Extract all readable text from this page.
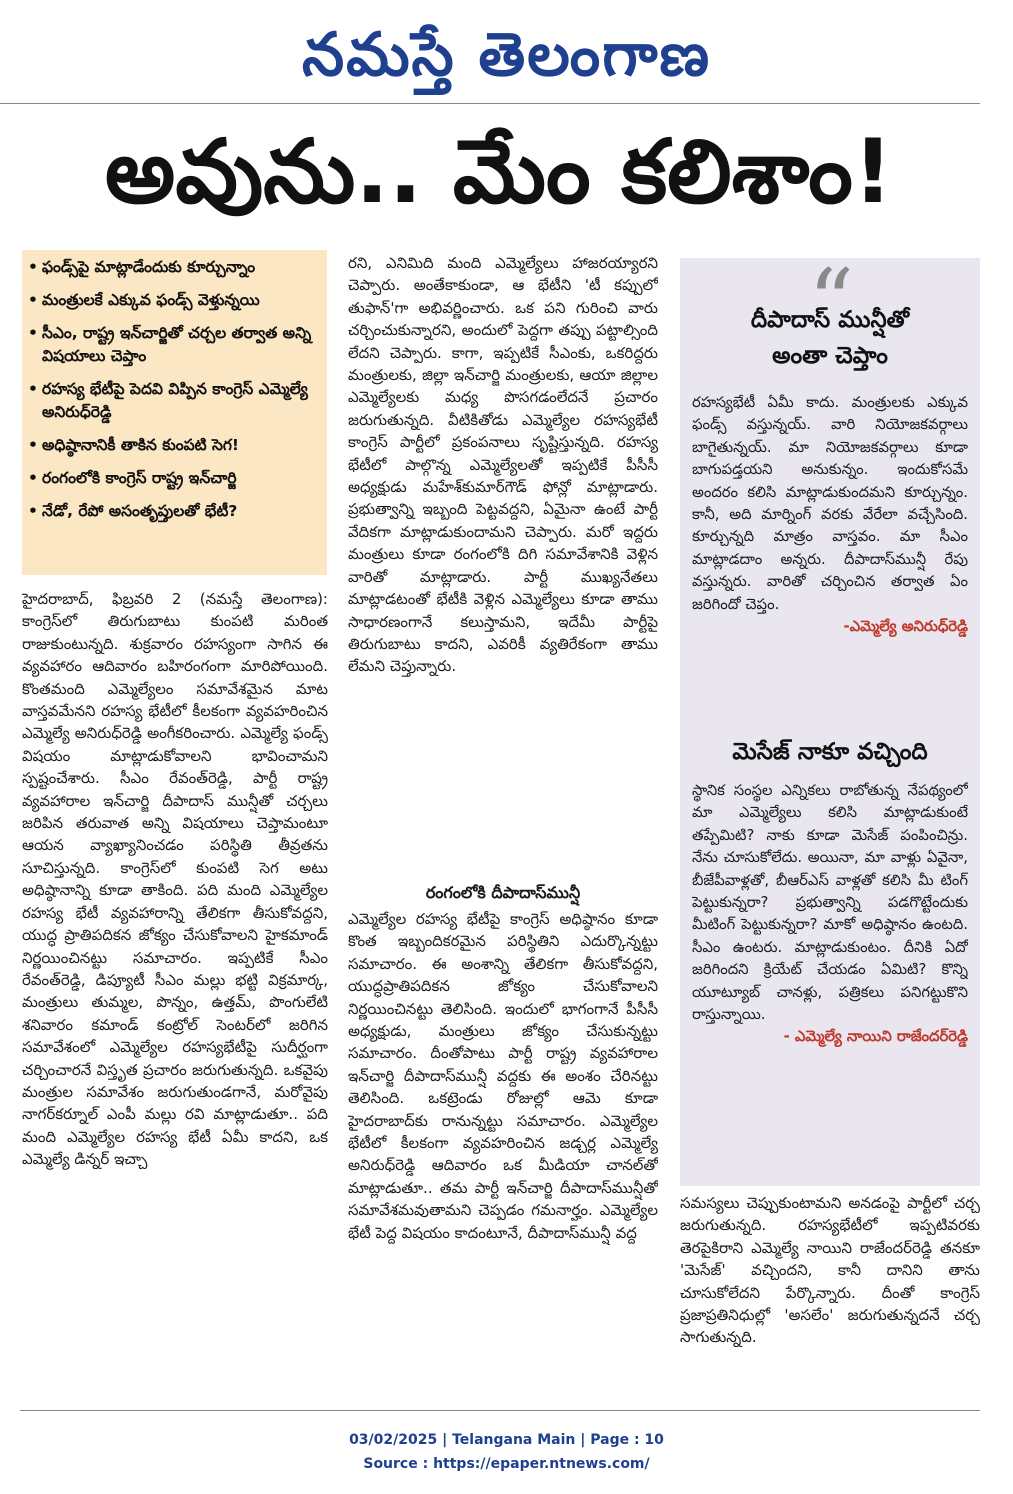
నమస్తే తెలంగాణ
అవును.. మేం కలిశాం!
• ఫండ్స్‌పై మాట్లాడేందుకు కూర్చున్నాం
• మంత్రులకే ఎక్కువ ఫండ్స్ వెళ్తున్నయి
• సీఎం, రాష్ట్ర ఇన్‌చార్జితో చర్చల తర్వాత అన్ని విషయాలు చెప్తాం
• రహస్య భేటీపై పెదవి విప్పిన కాంగ్రెస్ ఎమ్మెల్యే అనిరుధ్‌రెడ్డి
• అధిష్ఠానానికీ తాకిన కుంపటి సెగ!
• రంగంలోకి కాంగ్రెస్ రాష్ట్ర ఇన్‌చార్జి
• నేడో, రేపో అసంతృప్తులతో భేటీ?

హైదరాబాద్, ఫిబ్రవరి 2 (నమస్తే తెలంగాణ): కాంగ్రెస్‌లో తిరుగుబాటు కుంపటి మరింత రాజుకుంటున్నది. శుక్రవారం రహస్యంగా సాగిన ఈ వ్యవహారం ఆదివారం బహిరంగంగా మారిపోయింది. కొంతమంది ఎమ్మెల్యేలం సమావేశమైన మాట వాస్తవమేనని రహస్య భేటీలో కీలకంగా వ్యవహరించిన ఎమ్మెల్యే అనిరుధ్‌రెడ్డి అంగీకరించారు. ఎమ్మెల్యే ఫండ్స్ విషయం మాట్లాడుకోవాలని భావించామని స్పష్టంచేశారు. సీఎం రేవంత్‌రెడ్డి, పార్టీ రాష్ట్ర వ్యవహారాల ఇన్‌చార్జి దీపాదాస్ మున్షీతో చర్చలు జరిపిన తరువాత అన్ని విషయాలు చెప్తామంటూ ఆయన వ్యాఖ్యానించడం పరిస్థితి తీవ్రతను సూచిస్తున్నది. కాంగ్రెస్‌లో కుంపటి సెగ అటు అధిష్ఠానాన్ని కూడా తాకింది. పది మంది ఎమ్మెల్యేల రహస్య భేటీ వ్యవహారాన్ని తేలికగా తీసుకోవద్దని, యుద్ధ ప్రాతిపదికన జోక్యం చేసుకోవాలని హైకమాండ్ నిర్ణయించినట్టు సమాచారం. ఇప్పటికే సీఎం రేవంత్‌రెడ్డి, డిప్యూటీ సీఎం మల్లు భట్టి విక్రమార్క, మంత్రులు తుమ్మల, పొన్నం, ఉత్తమ్, పొంగులేటి శనివారం కమాండ్ కంట్రోల్ సెంటర్‌లో జరిగిన సమావేశంలో ఎమ్మెల్యేల రహస్యభేటీపై సుదీర్ఘంగా చర్చించారనే విస్తృత ప్రచారం జరుగుతున్నది. ఒకవైపు మంత్రుల సమావేశం జరుగుతుండగానే, మరోవైపు నాగర్‌కర్నూల్ ఎంపీ మల్లు రవి మాట్లాడుతూ.. పది మంది ఎమ్మెల్యేల రహస్య భేటీ ఏమీ కాదని, ఒక ఎమ్మెల్యే డిన్నర్ ఇచ్చా

రని, ఎనిమిది మంది ఎమ్మెల్యేలు హాజరయ్యారని చెప్పారు. అంతేకాకుండా, ఆ భేటీని 'టీ కప్పులో తుఫాన్'గా అభివర్ణించారు. ఒక పని గురించి వారు చర్చించుకున్నారని, అందులో పెద్దగా తప్పు పట్టాల్సింది లేదని చెప్పారు. కాగా, ఇప్పటికే సీఎంకు, ఒకరిద్దరు మంత్రులకు, జిల్లా ఇన్‌చార్జి మంత్రులకు, ఆయా జిల్లాల ఎమ్మెల్యేలకు మధ్య పొసగడంలేదనే ప్రచారం జరుగుతున్నది. వీటికితోడు ఎమ్మెల్యేల రహస్యభేటీ కాంగ్రెస్ పార్టీలో ప్రకంపనాలు సృష్టిస్తున్నది. రహస్య భేటీలో పాల్గొన్న ఎమ్మెల్యేలతో ఇప్పటికే పీసీసీ అధ్యక్షుడు మహేశ్‌కుమార్‌గౌడ్ ఫోన్లో మాట్లాడారు. ప్రభుత్వాన్ని ఇబ్బంది పెట్టవద్దని, ఏమైనా ఉంటే పార్టీ వేదికగా మాట్లాడుకుందామని చెప్పారు. మరో ఇద్దరు మంత్రులు కూడా రంగంలోకి దిగి సమావేశానికి వెళ్లిన వారితో మాట్లాడారు. పార్టీ ముఖ్యనేతలు మాట్లాడటంతో భేటీకి వెళ్లిన ఎమ్మెల్యేలు కూడా తాము సాధారణంగానే కలుస్తామని, ఇదేమీ పార్టీపై తిరుగుబాటు కాదని, ఎవరికీ వ్యతిరేకంగా తాము లేమని చెప్తున్నారు.

రంగంలోకి దీపాదాస్‌మున్షీ

ఎమ్మెల్యేల రహస్య భేటీపై కాంగ్రెస్ అధిష్ఠానం కూడా కొంత ఇబ్బందికరమైన పరిస్థితిని ఎదుర్కొన్నట్టు సమాచారం. ఈ అంశాన్ని తేలికగా తీసుకోవద్దని, యుద్ధప్రాతిపదికన జోక్యం చేసుకోవాలని నిర్ణయించినట్టు తెలిసింది. ఇందులో భాగంగానే పీసీసీ అధ్యక్షుడు, మంత్రులు జోక్యం చేసుకున్నట్టు సమాచారం. దీంతోపాటు పార్టీ రాష్ట్ర వ్యవహారాల ఇన్‌చార్జి దీపాదాస్‌మున్షీ వద్దకు ఈ అంశం చేరినట్టు తెలిసింది. ఒకట్రెండు రోజుల్లో ఆమె కూడా హైదరాబాద్‌కు రానున్నట్టు సమాచారం. ఎమ్మెల్యేల భేటీలో కీలకంగా వ్యవహరించిన జడ్చర్ల ఎమ్మెల్యే అనిరుధ్‌రెడ్డి ఆదివారం ఒక మీడియా చానల్‌తో మాట్లాడుతూ.. తమ పార్టీ ఇన్‌చార్జి దీపాదాస్‌మున్షీతో సమావేశమవుతామని చెప్పడం గమనార్హం. ఎమ్మెల్యేల భేటీ పెద్ద విషయం కాదంటూనే, దీపాదాస్‌మున్షీ వద్ద

“
దీపాదాస్ మున్షీతో
అంతా చెప్తాం
రహస్యభేటీ ఏమీ కాదు. మంత్రులకు ఎక్కువ ఫండ్స్ వస్తున్నయ్. వారి నియోజకవర్గాలు బాగైతున్నయ్. మా నియోజకవర్గాలు కూడా బాగుపడ్తయని అనుకున్నం. ఇందుకోసమే అందరం కలిసి మాట్లాడుకుందమని కూర్చున్నం. కానీ, అది మార్నింగ్ వరకు వేరేలా వచ్చేసింది. కూర్చున్నది మాత్రం వాస్తవం. మా సీఎం మాట్లాడదాం అన్నరు. దీపాదాస్‌మున్షీ రేపు వస్తున్నరు. వారితో చర్చించిన తర్వాత ఏం జరిగిందో చెప్తం.
-ఎమ్మెల్యే అనిరుధ్‌రెడ్డి
మెసేజ్ నాకూ వచ్చింది
స్థానిక సంస్థల ఎన్నికలు రాబోతున్న నేపథ్యంలో మా ఎమ్మెల్యేలు కలిసి మాట్లాడుకుంటే తప్పేమిటి? నాకు కూడా మెసేజ్ పంపించిన్రు. నేను చూసుకోలేదు. అయినా, మా వాళ్లు ఏవైనా, బీజేపీవాళ్లతో, బీఆర్‌ఎస్ వాళ్లతో కలిసి మీ టింగ్ పెట్టుకున్నరా? ప్రభుత్వాన్ని పడగొట్టేందుకు మీటింగ్ పెట్టుకున్నరా? మాకో అధిష్ఠానం ఉంటది. సీఎం ఉంటరు. మాట్లాడుకుంటం. దీనికి ఏదో జరిగిందని క్రియేట్ చేయడం ఏమిటి? కొన్ని యూట్యూబ్ చానళ్లు, పత్రికలు పనిగట్టుకొని రాస్తున్నాయి.
- ఎమ్మెల్యే నాయిని రాజేందర్‌రెడ్డి

సమస్యలు చెప్పుకుంటామని అనడంపై పార్టీలో చర్చ జరుగుతున్నది. రహస్యభేటీలో ఇప్పటివరకు తెరపైకిరాని ఎమ్మెల్యే నాయిని రాజేందర్‌రెడ్డి తనకూ 'మెసేజ్' వచ్చిందని, కానీ దానిని తాను చూసుకోలేదని పేర్కొన్నారు. దీంతో కాంగ్రెస్ ప్రజాప్రతినిధుల్లో 'అసలేం' జరుగుతున్నదనే చర్చ సాగుతున్నది.

03/02/2025 | Telangana Main | Page : 10
Source : https://epaper.ntnews.com/
